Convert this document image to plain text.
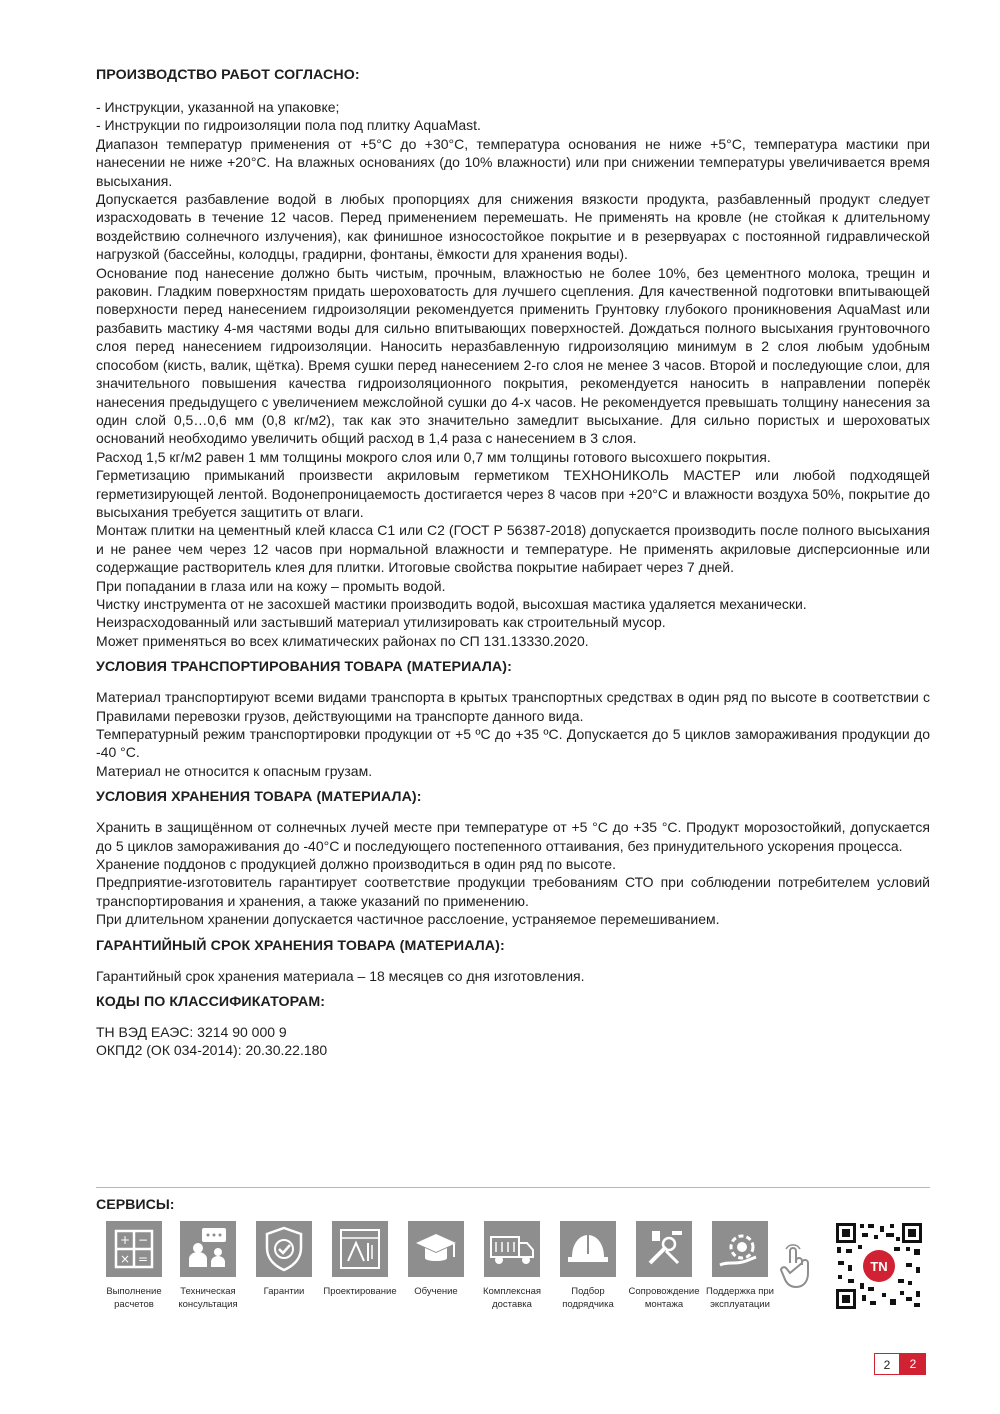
ПРОИЗВОДСТВО РАБОТ СОГЛАСНО:

- Инструкции, указанной на упаковке;

- Инструкции по гидроизоляции пола под плитку AquaMast.

Диапазон температур применения от +5°С до +30°С, температура основания не ниже +5°С, температура мастики при нанесении не ниже +20°С. На влажных основаниях (до 10% влажности) или при снижении температуры увеличивается время высыхания.

Допускается разбавление водой в любых пропорциях для снижения вязкости продукта, разбавленный продукт следует израсходовать в течение 12 часов. Перед применением перемешать. Не применять на кровле (не стойкая к длительному воздействию солнечного излучения), как финишное износостойкое покрытие и в резервуарах с постоянной гидравлической нагрузкой (бассейны, колодцы, градирни, фонтаны, ёмкости для хранения воды).

Основание под нанесение должно быть чистым, прочным, влажностью не более 10%, без цементного молока, трещин и раковин. Гладким поверхностям придать шероховатость для лучшего сцепления. Для качественной подготовки впитывающей поверхности перед нанесением гидроизоляции рекомендуется применить Грунтовку глубокого проникновения AquaMast или разбавить мастику 4-мя частями воды для сильно впитывающих поверхностей. Дождаться полного высыхания грунтовочного слоя перед нанесением гидроизоляции. Наносить неразбавленную гидроизоляцию минимум в 2 слоя любым удобным способом (кисть, валик, щётка). Время сушки перед нанесением 2-го слоя не менее 3 часов. Второй и последующие слои, для значительного повышения качества гидроизоляционного покрытия, рекомендуется наносить в направлении поперёк нанесения предыдущего с увеличением межслойной сушки до 4-х часов. Не рекомендуется превышать толщину нанесения за один слой 0,5…0,6 мм (0,8 кг/м2), так как это значительно замедлит высыхание. Для сильно пористых и шероховатых оснований необходимо увеличить общий расход в 1,4 раза с нанесением в 3 слоя.

Расход 1,5 кг/м2 равен 1 мм толщины мокрого слоя или 0,7 мм толщины готового высохшего покрытия.

Герметизацию примыканий произвести акриловым герметиком ТЕХНОНИКОЛЬ МАСТЕР или любой подходящей герметизирующей лентой. Водонепроницаемость достигается через 8 часов при +20°С и влажности воздуха 50%, покрытие до высыхания требуется защитить от влаги.

Монтаж плитки на цементный клей класса С1 или С2 (ГОСТ Р 56387-2018) допускается производить после полного высыхания и не ранее чем через 12 часов при нормальной влажности и температуре. Не применять акриловые дисперсионные или содержащие растворитель клея для плитки. Итоговые свойства покрытие набирает через 7 дней.

При попадании в глаза или на кожу – промыть водой.

Чистку инструмента от не засохшей мастики производить водой, высохшая мастика удаляется механически.

Неизрасходованный или застывший материал утилизировать как строительный мусор.

Может применяться во всех климатических районах по СП 131.13330.2020.

УСЛОВИЯ ТРАНСПОРТИРОВАНИЯ ТОВАРА (МАТЕРИАЛА):

Материал транспортируют всеми видами транспорта в крытых транспортных средствах в один ряд по высоте в соответствии с Правилами перевозки грузов, действующими на транспорте данного вида.

Температурный режим транспортировки продукции от +5 ºС до +35 ºС. Допускается до 5 циклов замораживания продукции до -40 °С.

Материал не относится к опасным грузам.

УСЛОВИЯ ХРАНЕНИЯ ТОВАРА (МАТЕРИАЛА):

Хранить в защищённом от солнечных лучей месте при температуре от +5 °С до +35 °С. Продукт морозостойкий, допускается до 5 циклов замораживания до -40°С и последующего постепенного оттаивания, без принудительного ускорения процесса.

Хранение поддонов с продукцией должно производиться в один ряд по высоте.

Предприятие-изготовитель гарантирует соответствие продукции требованиям СТО при соблюдении потребителем условий транспортирования и хранения, а также указаний по применению.

При длительном хранении допускается частичное расслоение, устраняемое перемешиванием.

ГАРАНТИЙНЫЙ СРОК ХРАНЕНИЯ ТОВАРА (МАТЕРИАЛА):

Гарантийный срок хранения материала – 18 месяцев со дня изготовления.

КОДЫ ПО КЛАССИФИКАТОРАМ:

ТН ВЭД ЕАЭС: 3214 90 000 9

ОКПД2 (ОК 034-2014): 20.30.22.180

СЕРВИСЫ:
+ −
× =
Выполнение
расчетов
Техническая
консультация
Гарантии	Проектирование	Обучение	Комплексная
доставка
Подбор
подрядчика
Сопровождение
монтажа
Поддержка при
эксплуатации
TN
2	2
